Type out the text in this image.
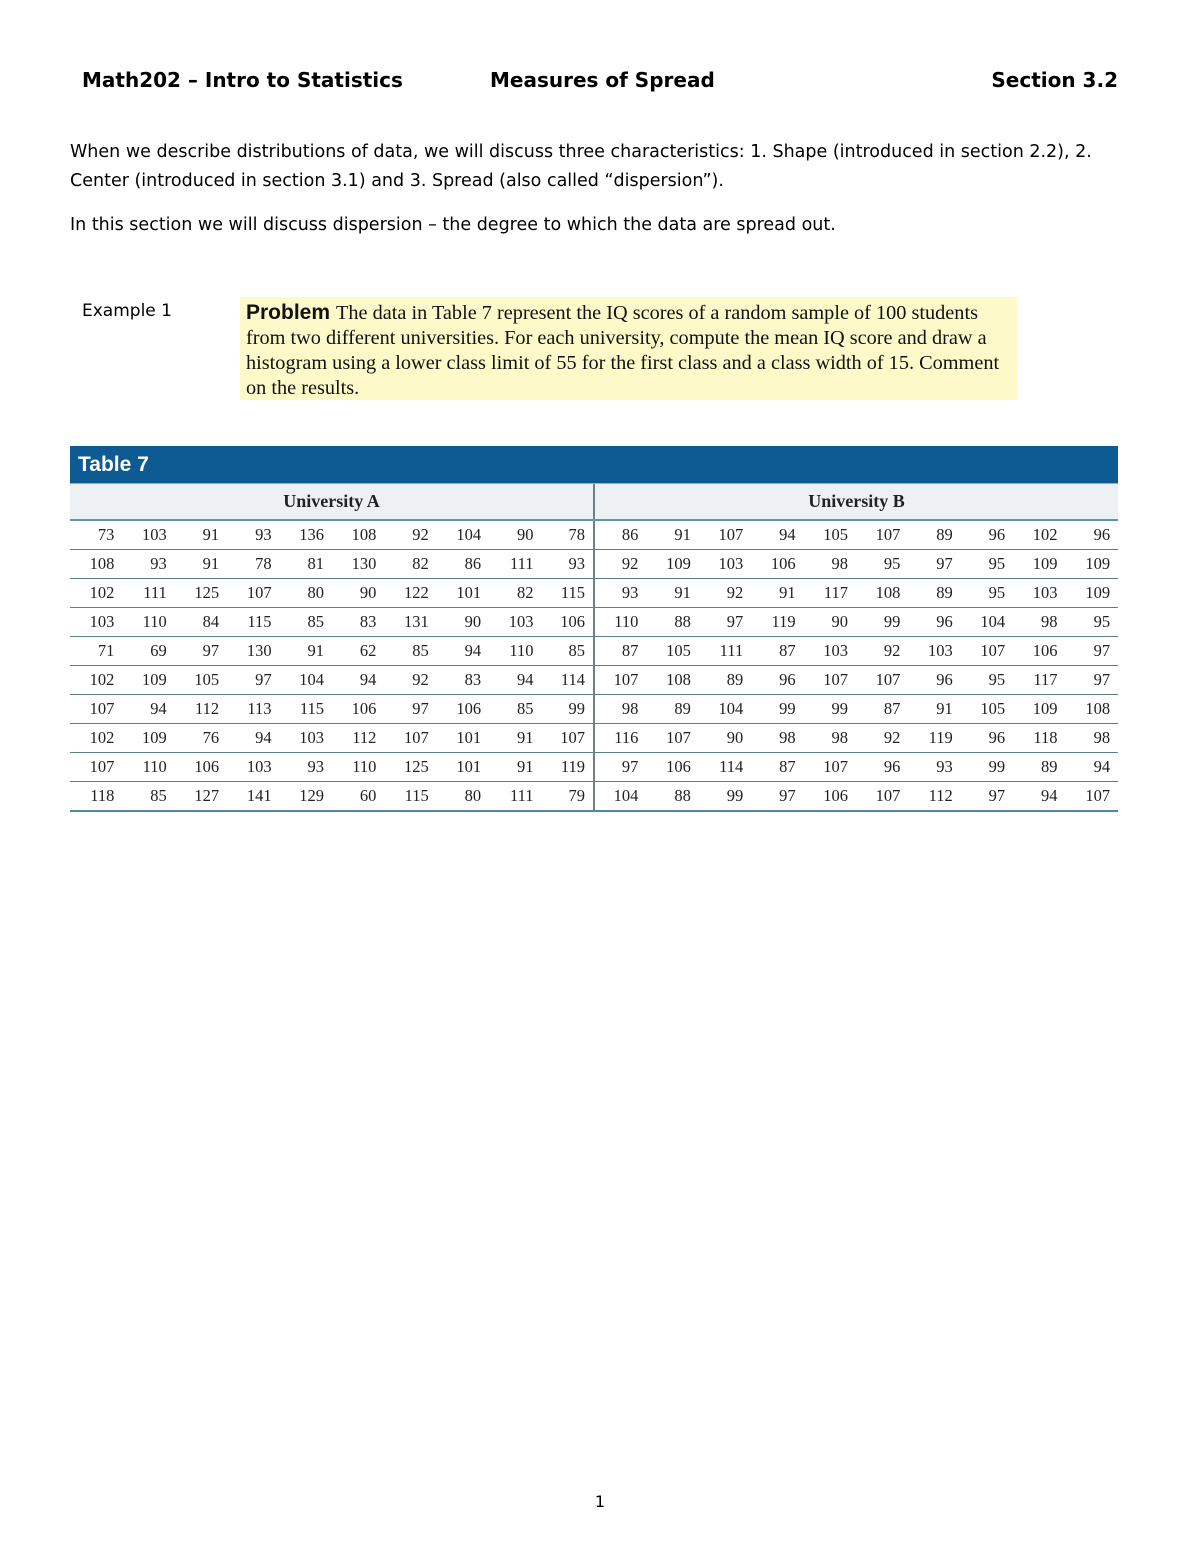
Math202 – Intro to Statistics	Measures of Spread	Section 3.2
When we describe distributions of data, we will discuss three characteristics: 1. Shape (introduced in section 2.2), 2. Center (introduced in section 3.1) and 3. Spread (also called “dispersion”).
In this section we will discuss dispersion – the degree to which the data are spread out.
Example 1	Problem The data in Table 7 represent the IQ scores of a random sample of 100 students from two different universities. For each university, compute the mean IQ score and draw a histogram using a lower class limit of 55 for the first class and a class width of 15. Comment on the results.
Table 7
University A										University B									
73	103	91	93	136	108	92	104	90	78	86	91	107	94	105	107	89	96	102	96
108	93	91	78	81	130	82	86	111	93	92	109	103	106	98	95	97	95	109	109
102	111	125	107	80	90	122	101	82	115	93	91	92	91	117	108	89	95	103	109
103	110	84	115	85	83	131	90	103	106	110	88	97	119	90	99	96	104	98	95
71	69	97	130	91	62	85	94	110	85	87	105	111	87	103	92	103	107	106	97
102	109	105	97	104	94	92	83	94	114	107	108	89	96	107	107	96	95	117	97
107	94	112	113	115	106	97	106	85	99	98	89	104	99	99	87	91	105	109	108
102	109	76	94	103	112	107	101	91	107	116	107	90	98	98	92	119	96	118	98
107	110	106	103	93	110	125	101	91	119	97	106	114	87	107	96	93	99	89	94
118	85	127	141	129	60	115	80	111	79	104	88	99	97	106	107	112	97	94	107
1
